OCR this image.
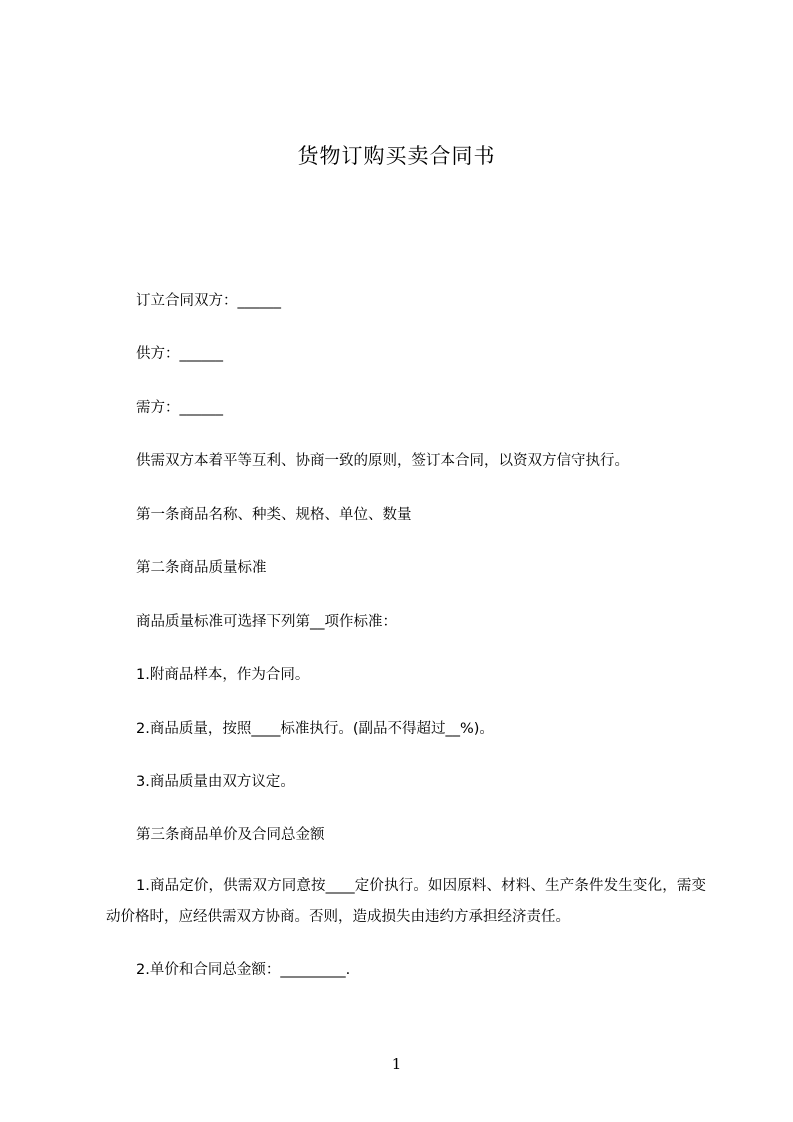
货物订购买卖合同书
订立合同双方：______
供方：______
需方：______
供需双方本着平等互利、协商一致的原则，签订本合同，以资双方信守执行。
第一条商品名称、种类、规格、单位、数量
第二条商品质量标准
商品质量标准可选择下列第__项作标准：
1.附商品样本，作为合同。
2.商品质量，按照____标准执行。(副品不得超过__%)。
3.商品质量由双方议定。
第三条商品单价及合同总金额
1.商品定价，供需双方同意按____定价执行。如因原料、材料、生产条件发生变化，需变动价格时，应经供需双方协商。否则，造成损失由违约方承担经济责任。
2.单价和合同总金额：_________.
1
